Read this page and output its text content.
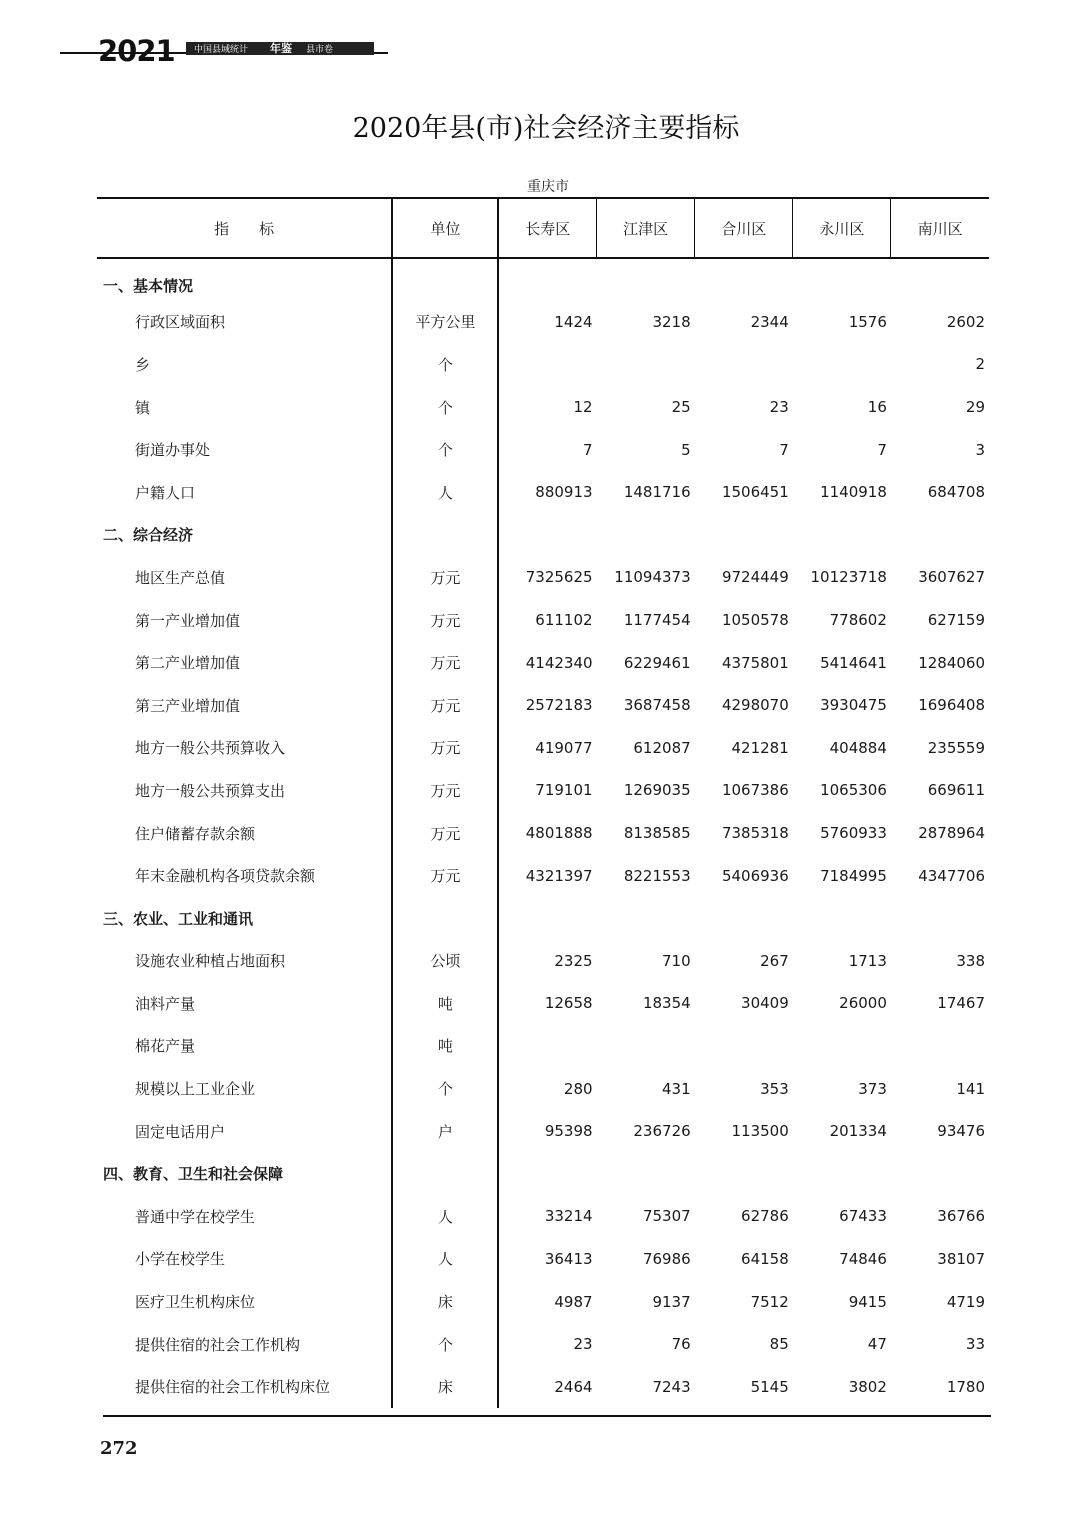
2021	中国县域统计 年鉴 县市卷
2020年县(市)社会经济主要指标
重庆市
指　　标	单位	长寿区	江津区	合川区	永川区	南川区
一、基本情况						
行政区域面积	平方公里	1424	3218	2344	1576	2602
乡	个					2
镇	个	12	25	23	16	29
街道办事处	个	7	5	7	7	3
户籍人口	人	880913	1481716	1506451	1140918	684708
二、综合经济						
地区生产总值	万元	7325625	11094373	9724449	10123718	3607627
第一产业增加值	万元	611102	1177454	1050578	778602	627159
第二产业增加值	万元	4142340	6229461	4375801	5414641	1284060
第三产业增加值	万元	2572183	3687458	4298070	3930475	1696408
地方一般公共预算收入	万元	419077	612087	421281	404884	235559
地方一般公共预算支出	万元	719101	1269035	1067386	1065306	669611
住户储蓄存款余额	万元	4801888	8138585	7385318	5760933	2878964
年末金融机构各项贷款余额	万元	4321397	8221553	5406936	7184995	4347706
三、农业、工业和通讯						
设施农业种植占地面积	公顷	2325	710	267	1713	338
油料产量	吨	12658	18354	30409	26000	17467
棉花产量	吨					
规模以上工业企业	个	280	431	353	373	141
固定电话用户	户	95398	236726	113500	201334	93476
四、教育、卫生和社会保障						
普通中学在校学生	人	33214	75307	62786	67433	36766
小学在校学生	人	36413	76986	64158	74846	38107
医疗卫生机构床位	床	4987	9137	7512	9415	4719
提供住宿的社会工作机构	个	23	76	85	47	33
提供住宿的社会工作机构床位	床	2464	7243	5145	3802	1780
272
